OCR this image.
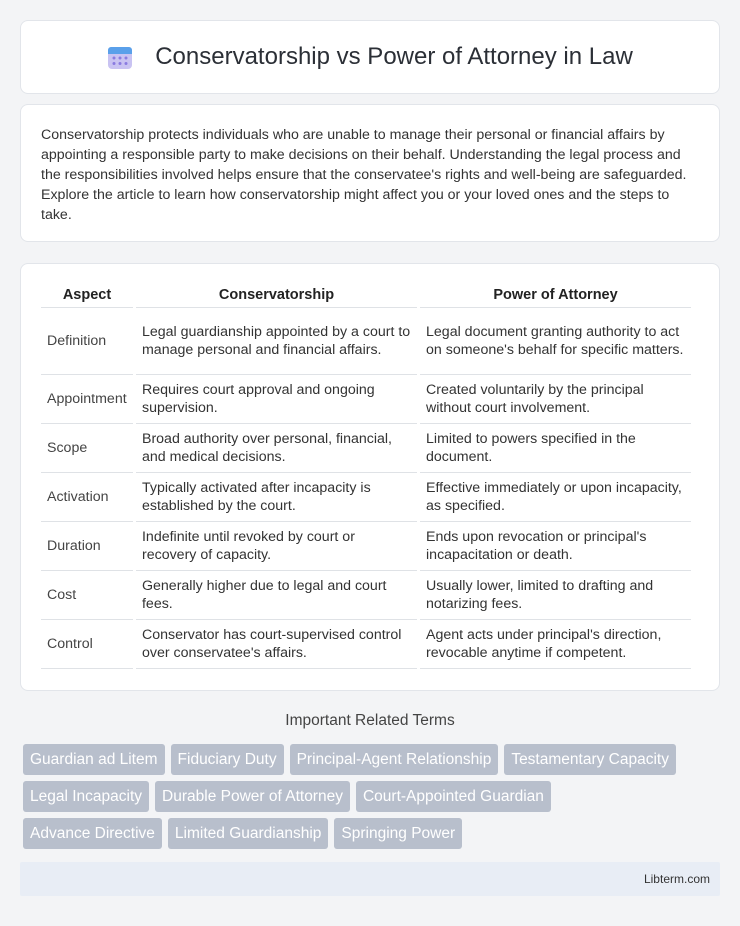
Conservatorship vs Power of Attorney in Law

Conservatorship protects individuals who are unable to manage their personal or financial affairs by appointing a responsible party to make decisions on their behalf. Understanding the legal process and the responsibilities involved helps ensure that the conservatee's rights and well-being are safeguarded. Explore the article to learn how conservatorship might affect you or your loved ones and the steps to take.

Aspect	Conservatorship	Power of Attorney
Definition	Legal guardianship appointed by a court to manage personal and financial affairs.	Legal document granting authority to act on someone's behalf for specific matters.
Appointment	Requires court approval and ongoing supervision.	Created voluntarily by the principal without court involvement.
Scope	Broad authority over personal, financial, and medical decisions.	Limited to powers specified in the document.
Activation	Typically activated after incapacity is established by the court.	Effective immediately or upon incapacity, as specified.
Duration	Indefinite until revoked by court or recovery of capacity.	Ends upon revocation or principal's incapacitation or death.
Cost	Generally higher due to legal and court fees.	Usually lower, limited to drafting and notarizing fees.
Control	Conservator has court-supervised control over conservatee's affairs.	Agent acts under principal's direction, revocable anytime if competent.
Important Related Terms
Guardian ad Litem Fiduciary Duty Principal-Agent Relationship Testamentary Capacity
Legal Incapacity Durable Power of Attorney Court-Appointed Guardian
Advance Directive Limited Guardianship Springing Power
Libterm.com
